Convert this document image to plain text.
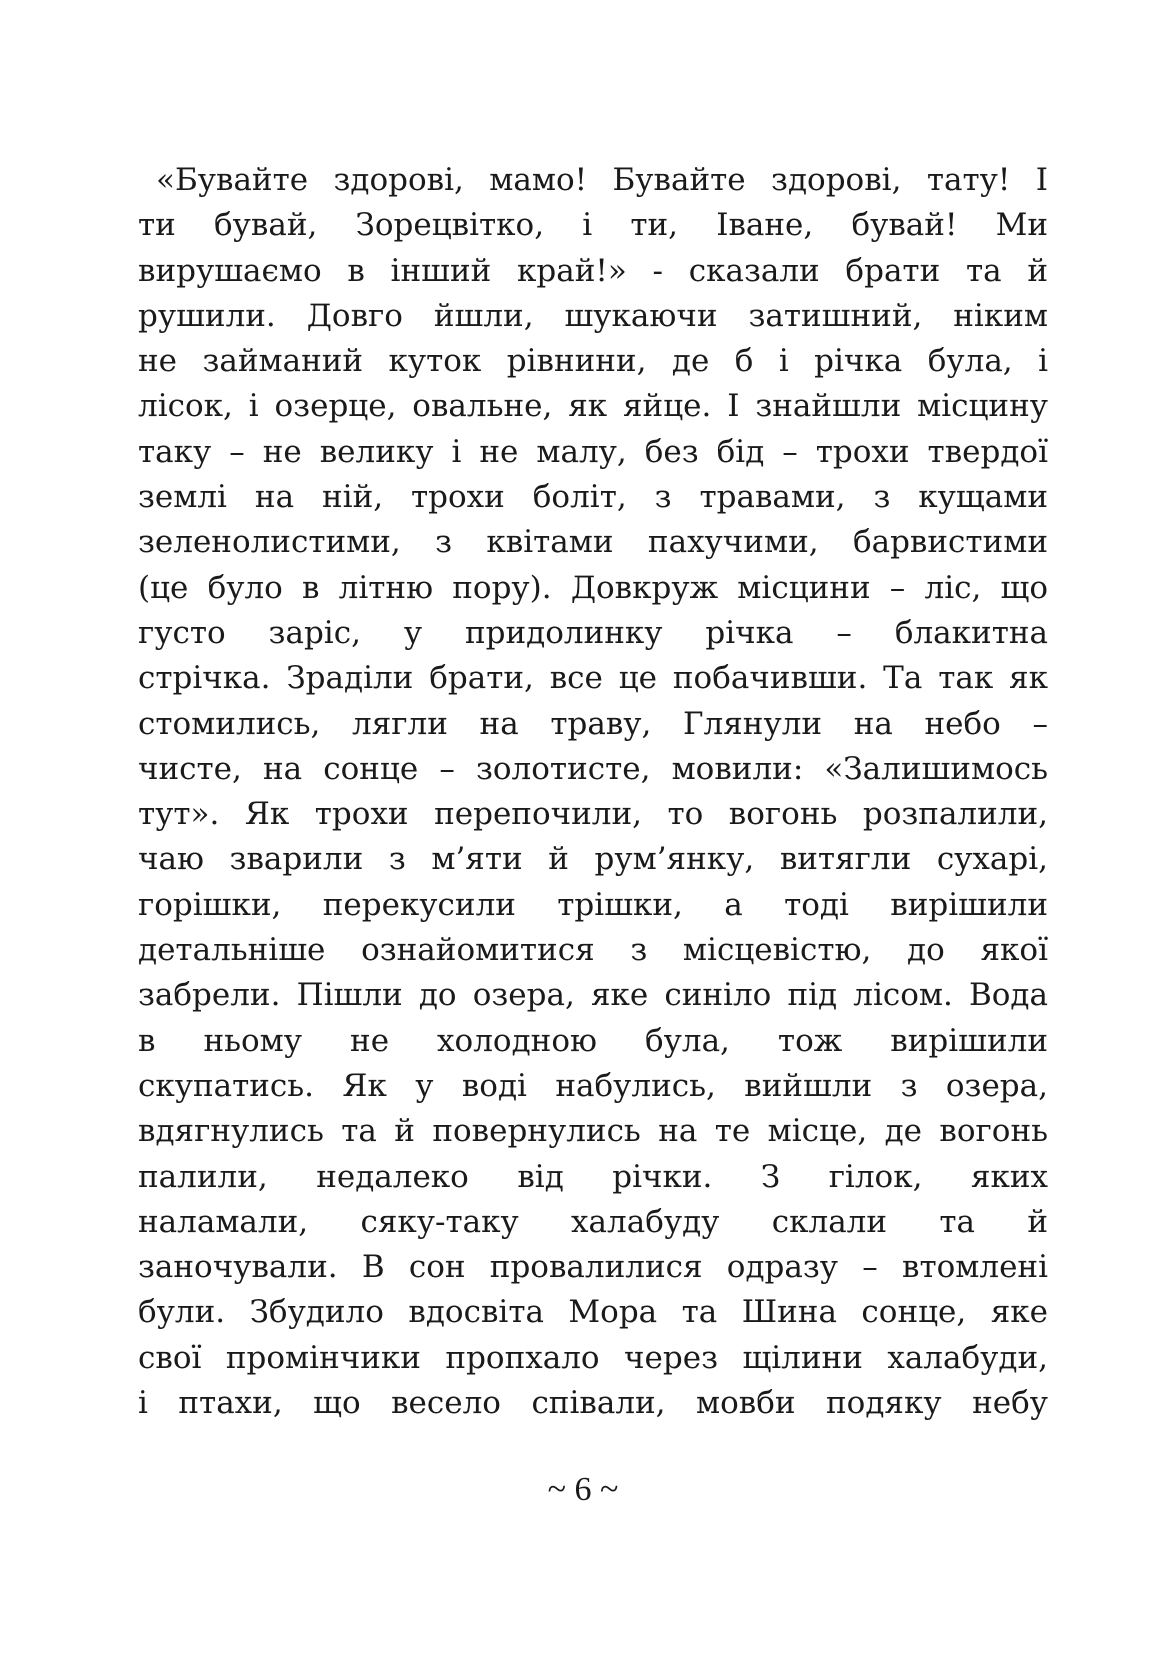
«Бувайте здорові, мамо! Бувайте здорові, тату! І
ти бувай, Зорецвітко, і ти, Іване, бувай! Ми
вирушаємо в інший край!» - сказали брати та й
рушили. Довго йшли, шукаючи затишний, ніким
не займаний куток рівнини, де б і річка була, і
лісок, і озерце, овальне, як яйце. І знайшли місцину
таку – не велику і не малу, без бід – трохи твердої
землі на ній, трохи боліт, з травами, з кущами
зеленолистими, з квітами пахучими, барвистими
(це було в літню пору). Довкруж місцини – ліс, що
густо заріс, у придолинку річка – блакитна
стрічка. Зраділи брати, все це побачивши. Та так як
стомились, лягли на траву, Глянули на небо –
чисте, на сонце – золотисте, мовили: «Залишимось
тут». Як трохи перепочили, то вогонь розпалили,
чаю зварили з м’яти й рум’янку, витягли сухарі,
горішки, перекусили трішки, а тоді вирішили
детальніше ознайомитися з місцевістю, до якої
забрели. Пішли до озера, яке синіло під лісом. Вода
в ньому не холодною була, тож вирішили
скупатись. Як у воді набулись, вийшли з озера,
вдягнулись та й повернулись на те місце, де вогонь
палили, недалеко від річки. З гілок, яких
наламали, сяку-таку халабуду склали та й
заночували. В сон провалилися одразу – втомлені
були. Збудило вдосвіта Мора та Шина сонце, яке
свої промінчики пропхало через щілини халабуди,
і птахи, що весело співали, мовби подяку небу
~ 6 ~
